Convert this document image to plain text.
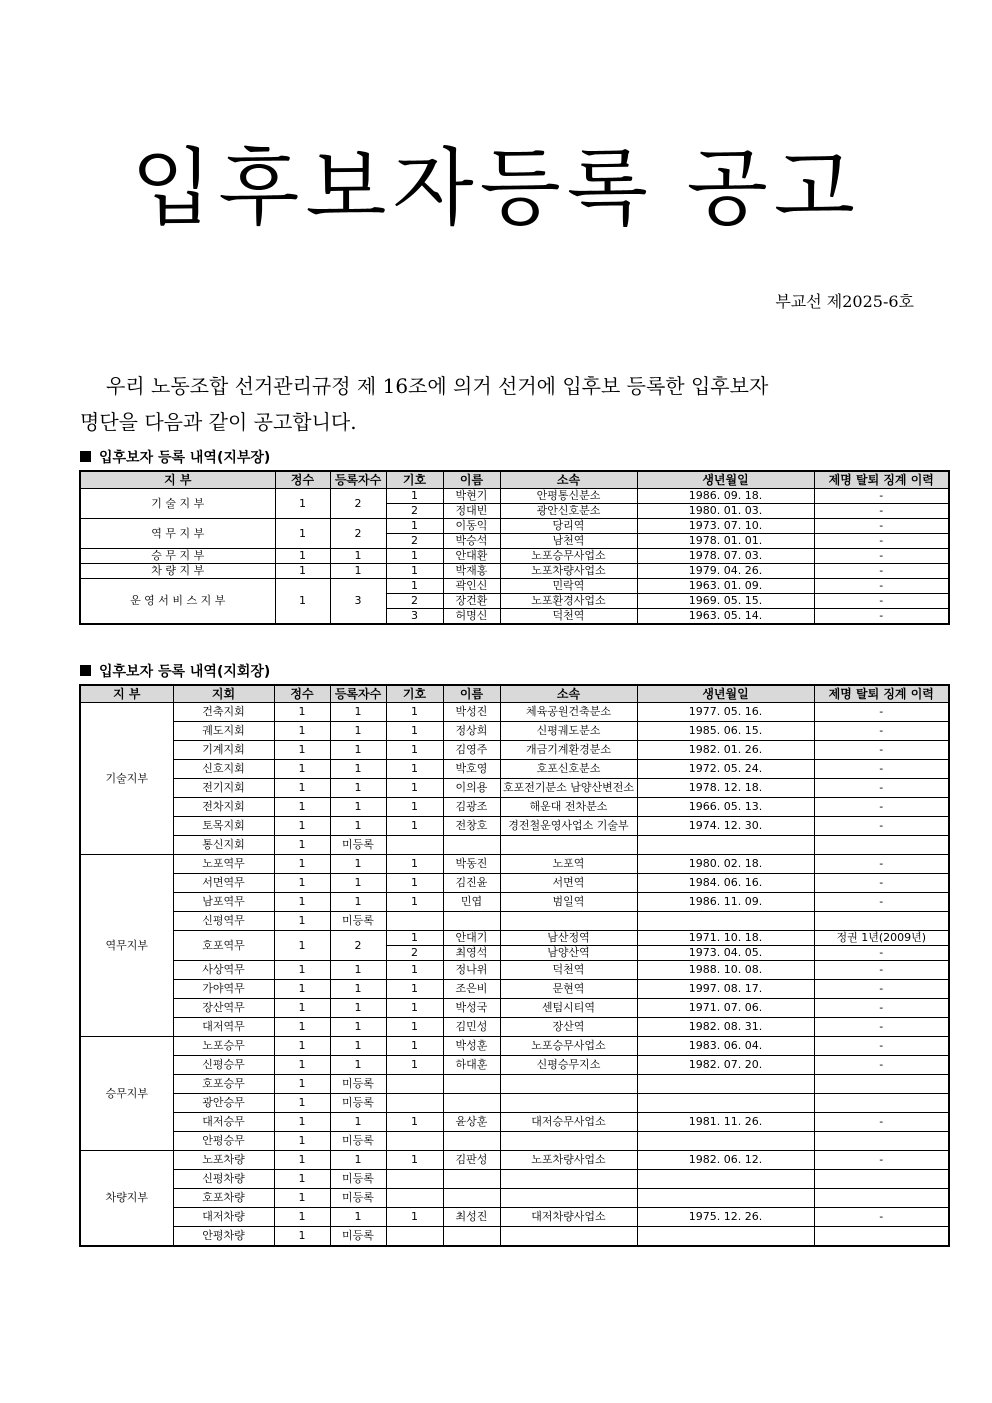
입후보자등록 공고
부교선 제2025-6호

우리 노동조합 선거관리규정 제 16조에 의거 선거에 입후보 등록한 입후보자

명단을 다음과 같이 공고합니다.

입후보자 등록 내역(지부장)
지 부	정수	등록자수	기호	이름	소속	생년월일	제명 탈퇴 징계 이력
기 술 지 부	1	2	1	박현기	안평통신분소	1986. 09. 18.	-
			2	정대빈	광안신호분소	1980. 01. 03.	-
역 무 지 부	1	2	1	이동익	당리역	1973. 07. 10.	-
			2	박승석	남천역	1978. 01. 01.	-
승 무 지 부	1	1	1	안대환	노포승무사업소	1978. 07. 03.	-
차 량 지 부	1	1	1	박재홍	노포차량사업소	1979. 04. 26.	-
운 영 서 비 스 지 부	1	3	1	곽인신	민락역	1963. 01. 09.	-
			2	장건환	노포환경사업소	1969. 05. 15.	-
			3	허명신	덕천역	1963. 05. 14.	-
입후보자 등록 내역(지회장)
지 부	지회	정수	등록자수	기호	이름	소속	생년월일	제명 탈퇴 징계 이력
기술지부	건축지회	1	1	1	박성진	체육공원건축분소	1977. 05. 16.	-
	궤도지회	1	1	1	정상희	신평궤도분소	1985. 06. 15.	-
	기계지회	1	1	1	김영주	개금기계환경분소	1982. 01. 26.	-
	신호지회	1	1	1	박호영	호포신호분소	1972. 05. 24.	-
	전기지회	1	1	1	이의용	호포전기분소 남양산변전소	1978. 12. 18.	-
	전차지회	1	1	1	김광조	해운대 전차분소	1966. 05. 13.	-
	토목지회	1	1	1	전창호	경전철운영사업소 기술부	1974. 12. 30.	-
	통신지회	1	미등록					
역무지부	노포역무	1	1	1	박동진	노포역	1980. 02. 18.	-
	서면역무	1	1	1	김진윤	서면역	1984. 06. 16.	-
	남포역무	1	1	1	민엽	범일역	1986. 11. 09.	-
	신평역무	1	미등록					
	호포역무	1	2	1	안대기	남산정역	1971. 10. 18.	정권 1년(2009년)
				2	최영석	남양산역	1973. 04. 05.	-
	사상역무	1	1	1	정나위	덕천역	1988. 10. 08.	-
	가야역무	1	1	1	조은비	문현역	1997. 08. 17.	-
	장산역무	1	1	1	박성국	센텀시티역	1971. 07. 06.	-
	대저역무	1	1	1	김민성	장산역	1982. 08. 31.	-
승무지부	노포승무	1	1	1	박성훈	노포승무사업소	1983. 06. 04.	-
	신평승무	1	1	1	하대훈	신평승무지소	1982. 07. 20.	-
	호포승무	1	미등록					
	광안승무	1	미등록					
	대저승무	1	1	1	윤상훈	대저승무사업소	1981. 11. 26.	-
	안평승무	1	미등록					
차량지부	노포차량	1	1	1	김판성	노포차량사업소	1982. 06. 12.	-
	신평차량	1	미등록					
	호포차량	1	미등록					
	대저차량	1	1	1	최성진	대저차량사업소	1975. 12. 26.	-
	안평차량	1	미등록					
